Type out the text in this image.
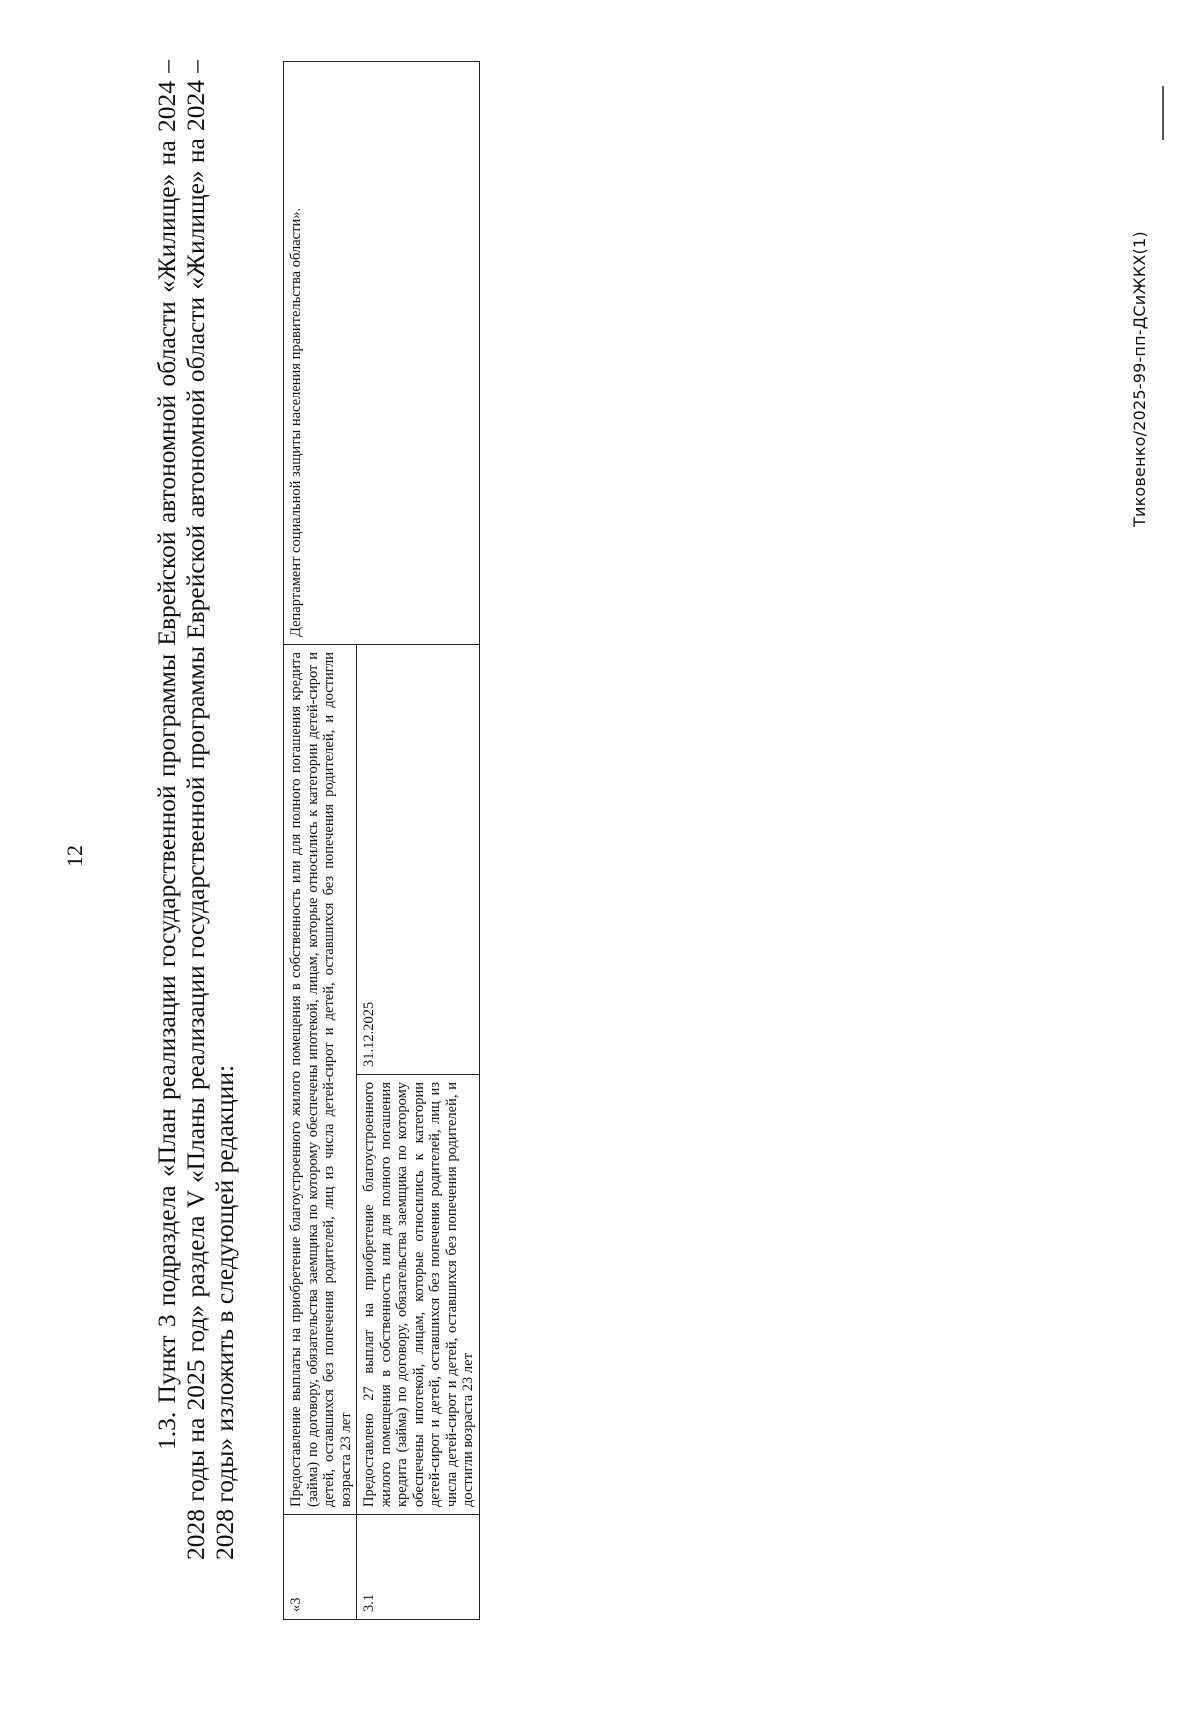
12	1.3. Пункт 3 подраздела «План реализации государственной программы Еврейской автономной области «Жилище» на 2024 – 2028 годы на 2025 год» раздела V «Планы реализации государственной программы Еврейской автономной области «Жилище» на 2024 – 2028 годы» изложить в следующей редакции:

«3	Предоставление выплаты на приобретение благоустроенного жилого помещения в собственность или для полного погашения кредита (займа) по договору, обязательства заемщика по которому обеспечены ипотекой, лицам, которые относились к категории детей-сирот и детей, оставшихся без попечения родителей, лиц из числа детей-сирот и детей, оставшихся без попечения родителей, и достигли возраста 23 лет		Департамент социальной защиты населения правительства области».
3.1	Предоставлено 27 выплат на приобретение благоустроенного жилого помещения в собственность или для полного погашения кредита (займа) по договору, обязательства заемщика по которому обеспечены ипотекой, лицам, которые относились к категории детей-сирот и детей, оставшихся без попечения родителей, лиц из числа детей-сирот и детей, оставшихся без попечения родителей, и достигли возраста 23 лет	31.12.2025	
Тиковенко/2025-99-пп-ДСиЖКХ(1)
